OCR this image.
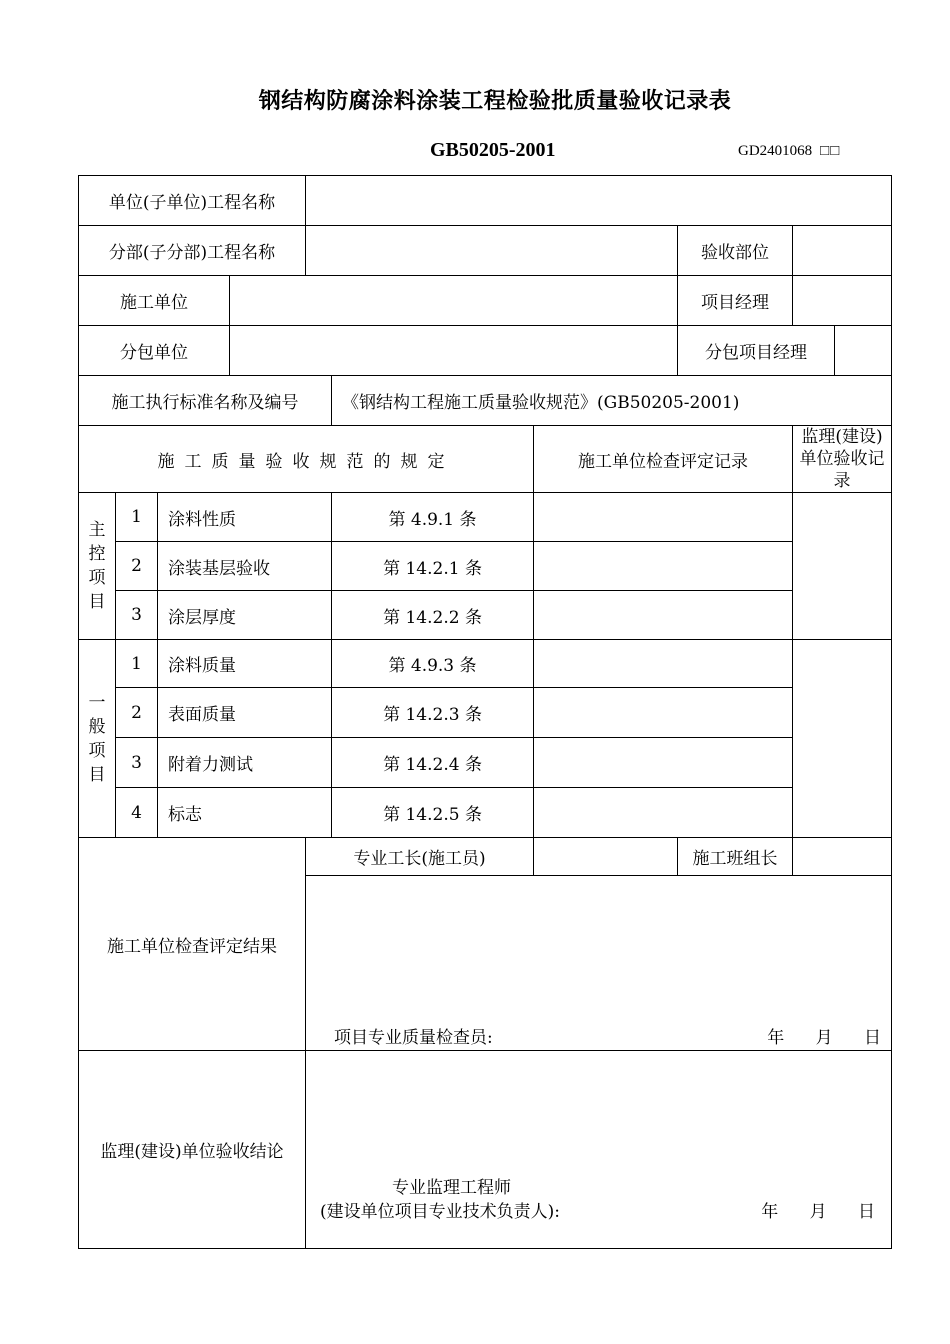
钢结构防腐涂料涂装工程检验批质量验收记录表
GB50205-2001	GD2401068 □□
单位(子单位)工程名称									
分部(子分部)工程名称							验收部位		
施工单位							项目经理		
分包单位							分包项目经理		
施工执行标准名称及编号					《钢结构工程施工质量验收规范》(GB50205-2001)				
施工质量验收规范的规定						施工单位检查评定记录		监理(建设)
单位验收记录	

主
控
项
目	1	涂料性质			第 4.9.1 条				
	2	涂装基层验收			第 14.2.1 条				
	3	涂层厚度			第 14.2.2 条				

一
般
项
目	1	涂料质量			第 4.9.3 条				
	2	表面质量			第 14.2.3 条				
	3	附着力测试			第 14.2.4 条				
	4	标志			第 14.2.5 条				
施工单位检查评定结果				专业工长(施工员)			施工班组长		

				项目专业质量检查员: 年 月 日					

监理(建设)单位验收结论				专业监理工程师
(建设单位项目专业技术负责人): 年 月 日					
